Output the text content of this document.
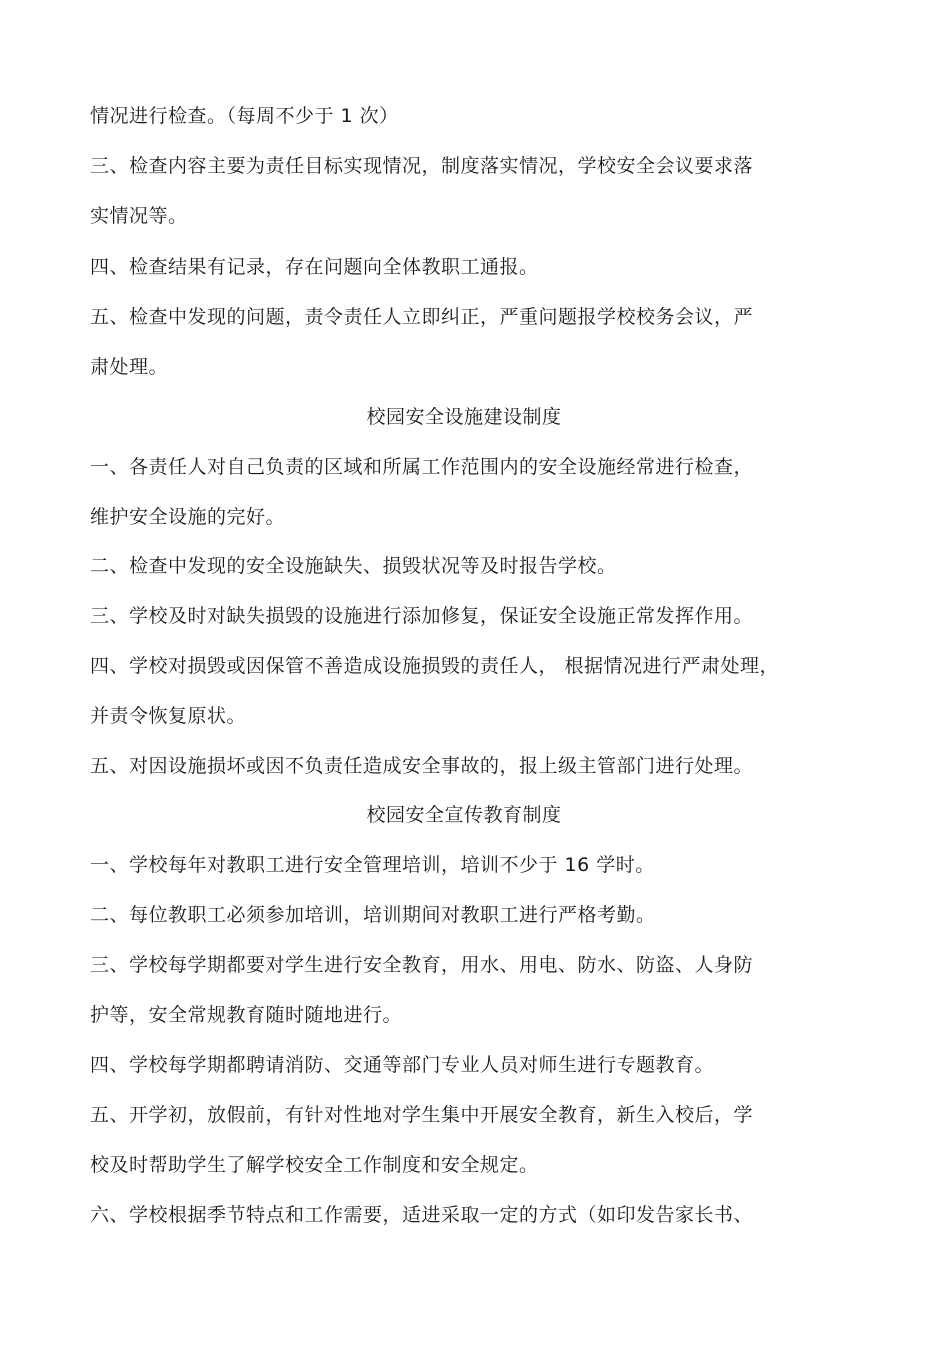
情况进行检查。（每周不少于 1 次）
三、检查内容主要为责任目标实现情况，制度落实情况，学校安全会议要求落
实情况等。
四、检查结果有记录，存在问题向全体教职工通报。
五、检查中发现的问题，责令责任人立即纠正，严重问题报学校校务会议，严
肃处理。
校园安全设施建设制度
一、各责任人对自己负责的区域和所属工作范围内的安全设施经常进行检查，
维护安全设施的完好。
二、检查中发现的安全设施缺失、损毁状况等及时报告学校。
三、学校及时对缺失损毁的设施进行添加修复，保证安全设施正常发挥作用。
四、学校对损毁或因保管不善造成设施损毁的责任人， 根据情况进行严肃处理，
并责令恢复原状。
五、对因设施损坏或因不负责任造成安全事故的，报上级主管部门进行处理。
校园安全宣传教育制度
一、学校每年对教职工进行安全管理培训，培训不少于 16 学时。
二、每位教职工必须参加培训，培训期间对教职工进行严格考勤。
三、学校每学期都要对学生进行安全教育，用水、用电、防水、防盗、人身防
护等，安全常规教育随时随地进行。
四、学校每学期都聘请消防、交通等部门专业人员对师生进行专题教育。
五、开学初，放假前，有针对性地对学生集中开展安全教育，新生入校后，学
校及时帮助学生了解学校安全工作制度和安全规定。
六、学校根据季节特点和工作需要，适进采取一定的方式（如印发告家长书、
